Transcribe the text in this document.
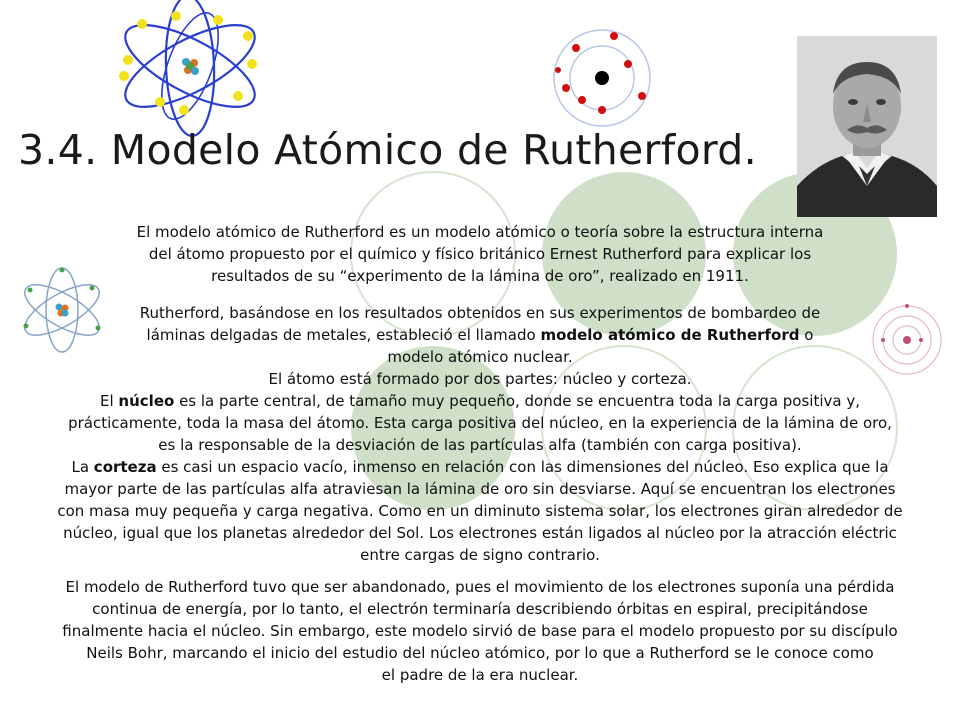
3.4. Modelo Atómico de Rutherford.
El modelo atómico de Rutherford es un modelo atómico o teoría sobre la estructura interna
del átomo propuesto por el químico y físico británico Ernest Rutherford para explicar los
resultados de su “experimento de la lámina de oro”, realizado en 1911.
Rutherford, basándose en los resultados obtenidos en sus experimentos de bombardeo de
láminas delgadas de metales, estableció el llamado modelo atómico de Rutherford o
modelo atómico nuclear.
El átomo está formado por dos partes: núcleo y corteza.
El núcleo es la parte central, de tamaño muy pequeño, donde se encuentra toda la carga positiva y,
prácticamente, toda la masa del átomo. Esta carga positiva del núcleo, en la experiencia de la lámina de oro,
es la responsable de la desviación de las partículas alfa (también con carga positiva).
La corteza es casi un espacio vacío, inmenso en relación con las dimensiones del núcleo. Eso explica que la
mayor parte de las partículas alfa atraviesan la lámina de oro sin desviarse. Aquí se encuentran los electrones
con masa muy pequeña y carga negativa. Como en un diminuto sistema solar, los electrones giran alrededor de
núcleo, igual que los planetas alrededor del Sol. Los electrones están ligados al núcleo por la atracción eléctric
entre cargas de signo contrario.
El modelo de Rutherford tuvo que ser abandonado, pues el movimiento de los electrones suponía una pérdida
continua de energía, por lo tanto, el electrón terminaría describiendo órbitas en espiral, precipitándose
finalmente hacia el núcleo. Sin embargo, este modelo sirvió de base para el modelo propuesto por su discípulo
Neils Bohr, marcando el inicio del estudio del núcleo atómico, por lo que a Rutherford se le conoce como
el padre de la era nuclear.
